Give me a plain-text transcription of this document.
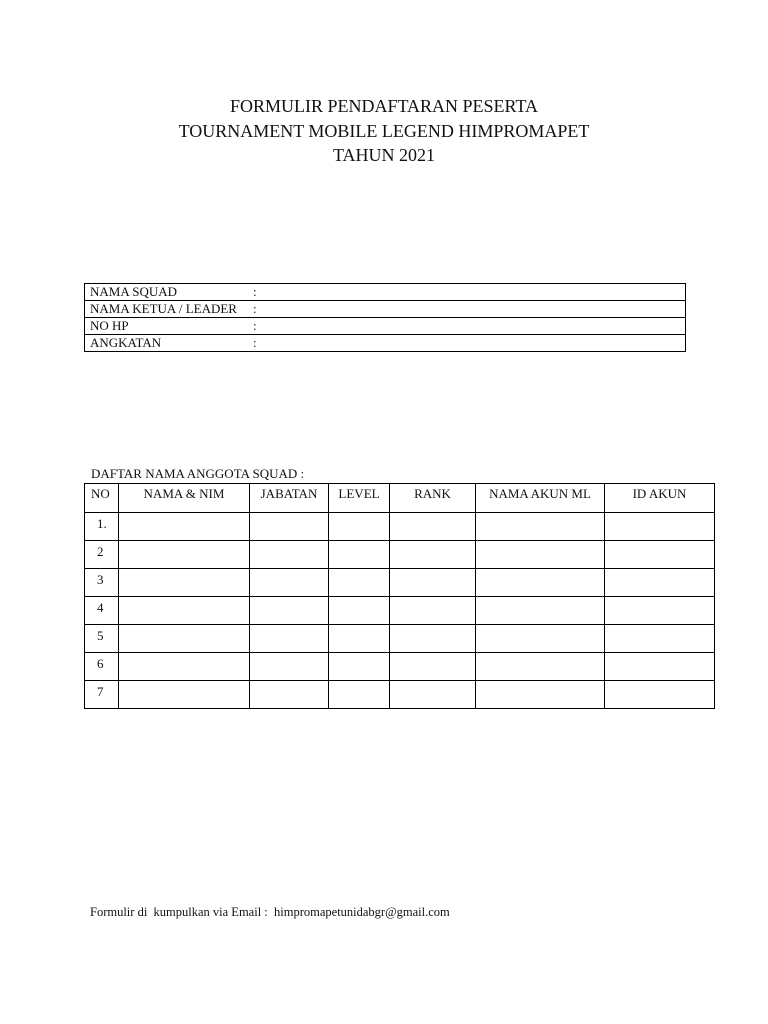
FORMULIR PENDAFTARAN PESERTA
TOURNAMENT MOBILE LEGEND HIMPROMAPET
TAHUN 2021
NAMA SQUAD	:
NAMA KETUA / LEADER :
NO HP	:
ANGKATAN	:
DAFTAR NAMA ANGGOTA SQUAD :
NO	NAMA & NIM	JABATAN	LEVEL	RANK	NAMA AKUN ML	ID AKUN
1.						
2						
3						
4						
5						
6						
7						
Formulir di  kumpulkan via Email :  himpromapetunidabgr@gmail.com
